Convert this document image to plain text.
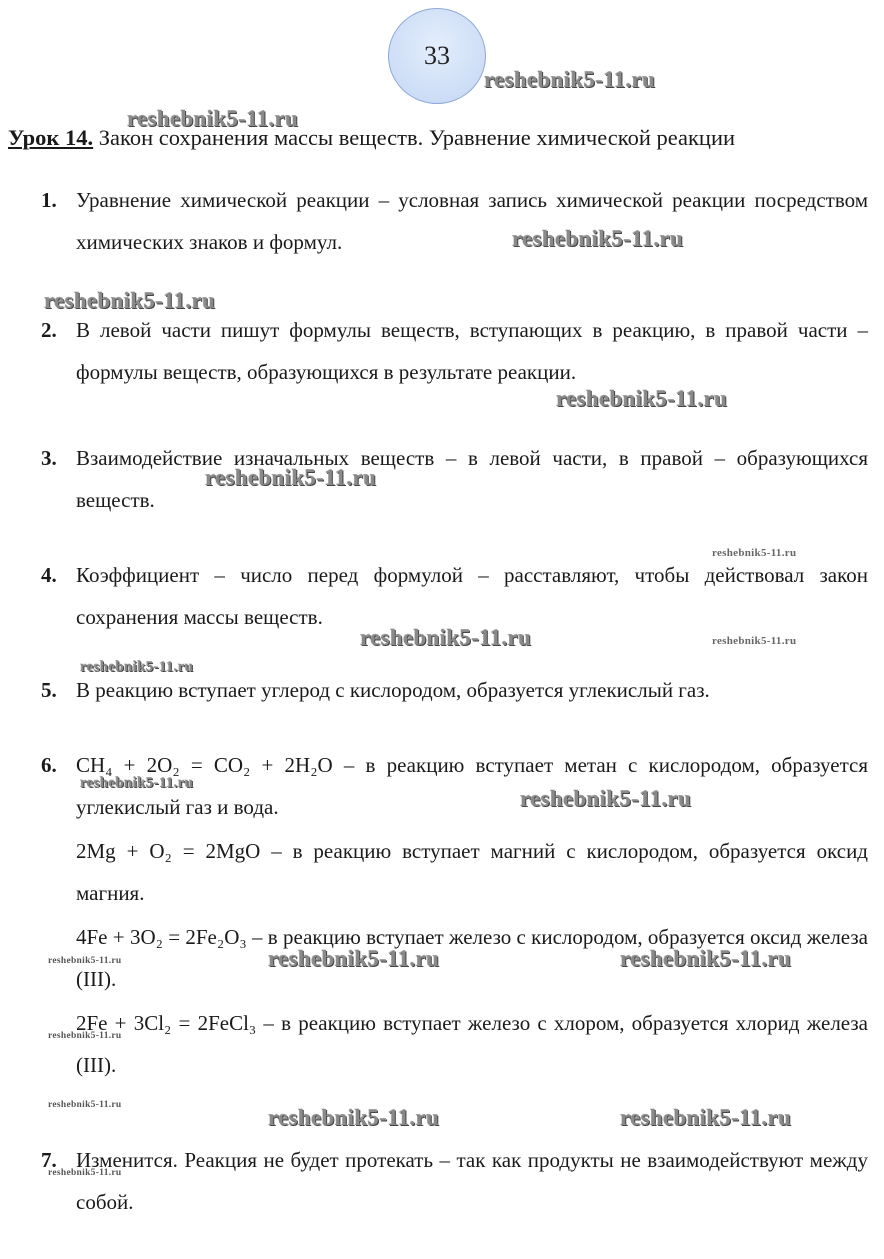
33
Урок 14. Закон сохранения массы веществ. Уравнение химической реакции
1. Уравнение химической реакции – условная запись химической реакции посредством химических знаков и формул.
2. В левой части пишут формулы веществ, вступающих в реакцию, в правой части – формулы веществ, образующихся в результате реакции.
3. Взаимодействие изначальных веществ – в левой части, в правой – образующихся веществ.
4. Коэффициент – число перед формулой – расставляют, чтобы действовал закон сохранения массы веществ.
5. В реакцию вступает углерод с кислородом, образуется углекислый газ.
6. CH₄ + 2O₂ = CO₂ + 2H₂O – в реакцию вступает метан с кислородом, образуется углекислый газ и вода.
2Mg + O₂ = 2MgO – в реакцию вступает магний с кислородом, образуется оксид магния.
4Fe + 3O₂ = 2Fe₂O₃ – в реакцию вступает железо с кислородом, образуется оксид железа (III).
2Fe + 3Cl₂ = 2FeCl₃ – в реакцию вступает железо с хлором, образуется хлорид железа (III).
7. Изменится. Реакция не будет протекать – так как продукты не взаимодействуют между собой.
reshebnik5-11.ru
reshebnik5-11.ru
reshebnik5-11.ru
reshebnik5-11.ru
reshebnik5-11.ru
reshebnik5-11.ru
reshebnik5-11.ru
reshebnik5-11.ru	reshebnik5-11.ru
reshebnik5-11.ru
reshebnik5-11.ru
reshebnik5-11.ru
reshebnik5-11.ru	reshebnik5-11.ru	reshebnik5-11.ru
reshebnik5-11.ru
reshebnik5-11.ru	reshebnik5-11.ru	reshebnik5-11.ru
reshebnik5-11.ru
